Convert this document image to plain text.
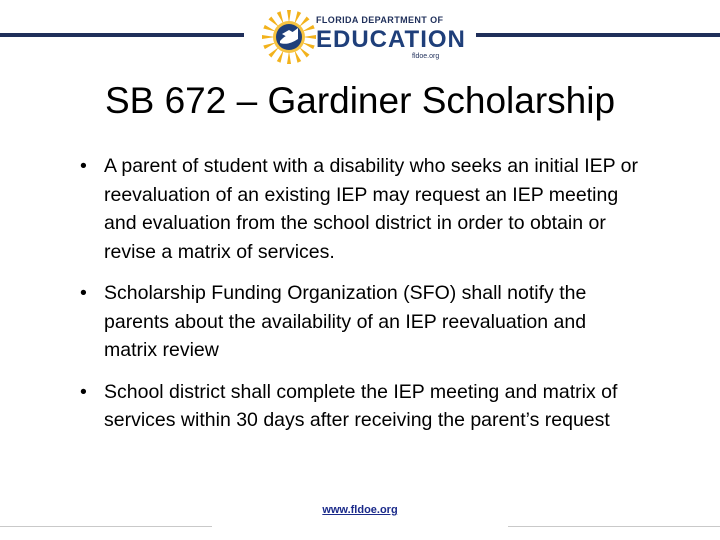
FLORIDA DEPARTMENT OF
EDUCATION
fldoe.org
SB 672 – Gardiner Scholarship
• A parent of student with a disability who seeks an initial IEP or reevaluation of an existing IEP may request an IEP meeting and evaluation from the school district in order to obtain or revise a matrix of services.
• Scholarship Funding Organization (SFO) shall notify the parents about the availability of an IEP reevaluation and matrix review
• School district shall complete the IEP meeting and matrix of services within 30 days after receiving the parent’s request
www.fldoe.org
